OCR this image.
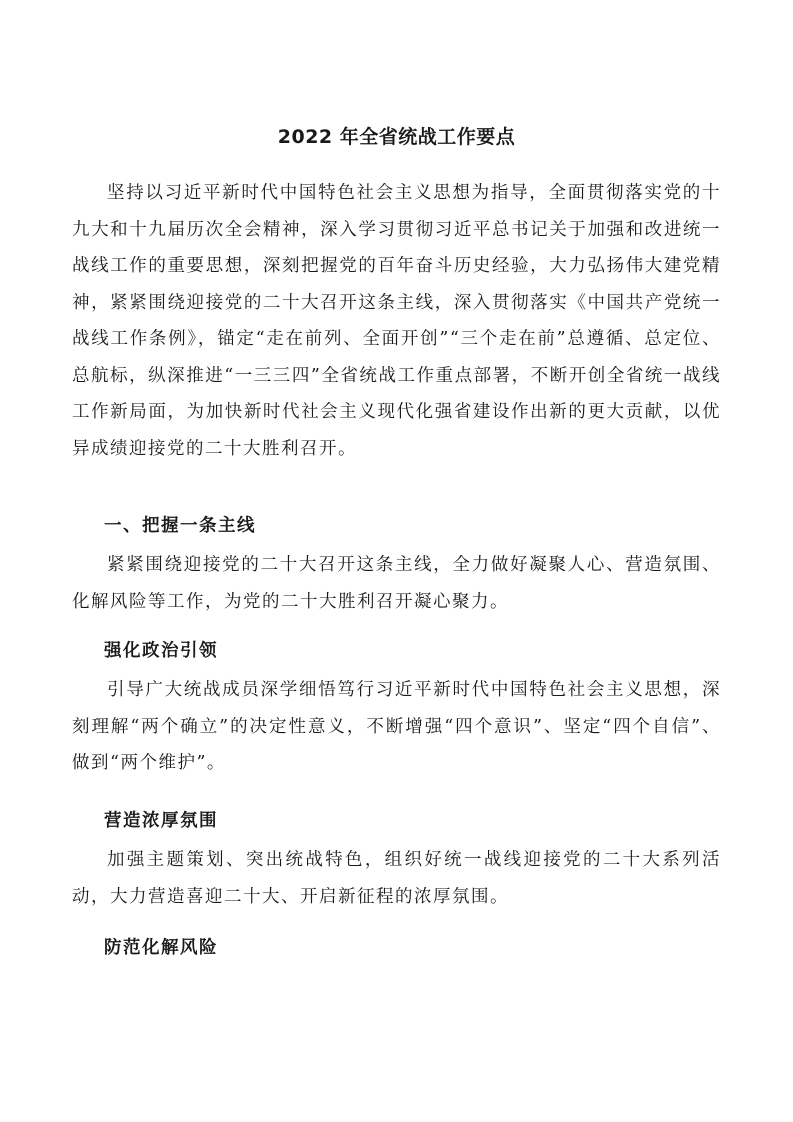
2022 年全省统战工作要点

坚持以习近平新时代中国特色社会主义思想为指导，全面贯彻落实党的十九大和十九届历次全会精神，深入学习贯彻习近平总书记关于加强和改进统一战线工作的重要思想，深刻把握党的百年奋斗历史经验，大力弘扬伟大建党精神，紧紧围绕迎接党的二十大召开这条主线，深入贯彻落实《中国共产党统一战线工作条例》，锚定“走在前列、全面开创”“三个走在前”总遵循、总定位、总航标，纵深推进“一三三四”全省统战工作重点部署，不断开创全省统一战线工作新局面，为加快新时代社会主义现代化强省建设作出新的更大贡献，以优异成绩迎接党的二十大胜利召开。

一、把握一条主线

紧紧围绕迎接党的二十大召开这条主线，全力做好凝聚人心、营造氛围、化解风险等工作，为党的二十大胜利召开凝心聚力。

强化政治引领

引导广大统战成员深学细悟笃行习近平新时代中国特色社会主义思想，深刻理解“两个确立”的决定性意义，不断增强“四个意识”、坚定“四个自信”、做到“两个维护”。

营造浓厚氛围

加强主题策划、突出统战特色，组织好统一战线迎接党的二十大系列活动，大力营造喜迎二十大、开启新征程的浓厚氛围。

防范化解风险
